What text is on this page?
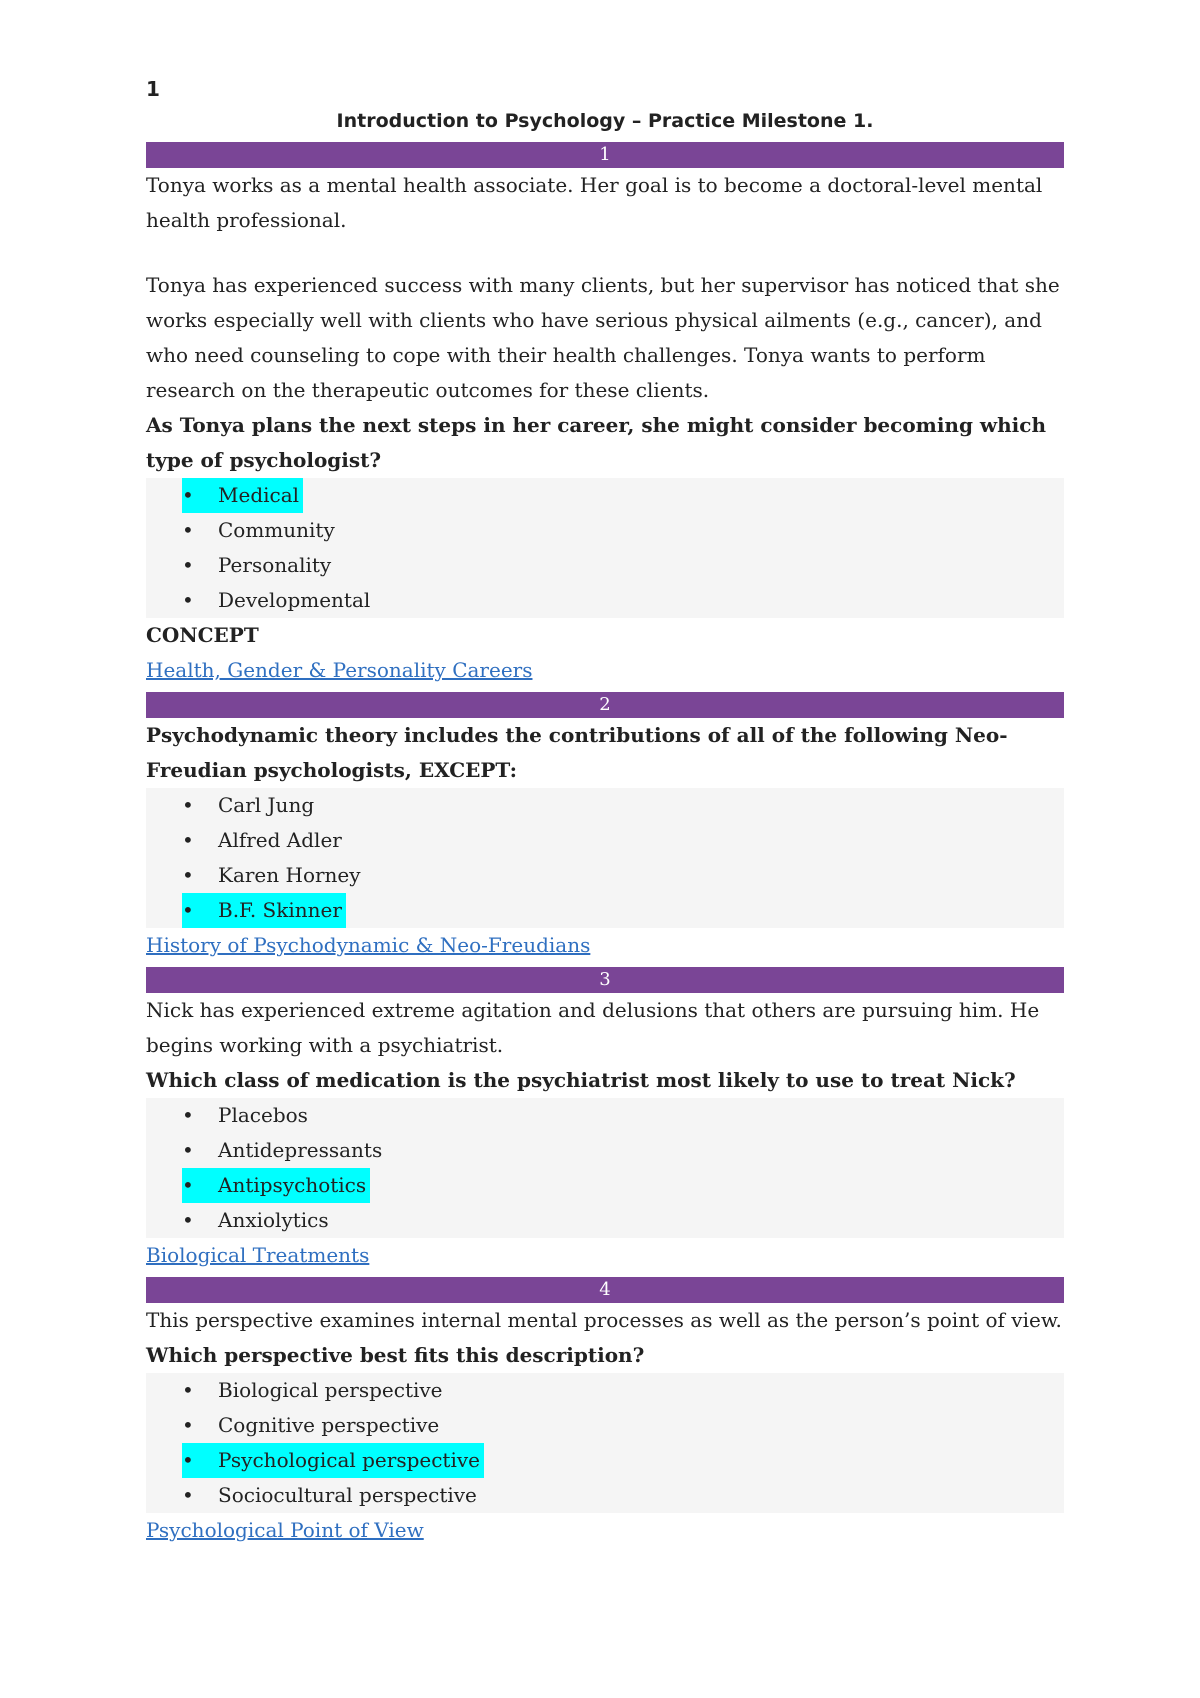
1
Introduction to Psychology – Practice Milestone 1.
1

Tonya works as a mental health associate. Her goal is to become a doctoral-level mental health professional.

Tonya has experienced success with many clients, but her supervisor has noticed that she works especially well with clients who have serious physical ailments (e.g., cancer), and who need counseling to cope with their health challenges. Tonya wants to perform research on the therapeutic outcomes for these clients.

As Tonya plans the next steps in her career, she might consider becoming which type of psychologist?

•	Medical
•	Community
•	Personality
•	Developmental

CONCEPT

Health, Gender & Personality Careers
2

Psychodynamic theory includes the contributions of all of the following Neo-Freudian psychologists, EXCEPT:

•	Carl Jung
•	Alfred Adler
•	Karen Horney
•	B.F. Skinner
History of Psychodynamic & Neo-Freudians
3

Nick has experienced extreme agitation and delusions that others are pursuing him. He begins working with a psychiatrist.

Which class of medication is the psychiatrist most likely to use to treat Nick?

•	Placebos
•	Antidepressants
•	Antipsychotics
•	Anxiolytics
Biological Treatments
4

This perspective examines internal mental processes as well as the person’s point of view.

Which perspective best fits this description?

•	Biological perspective
•	Cognitive perspective
•	Psychological perspective
•	Sociocultural perspective
Psychological Point of View
